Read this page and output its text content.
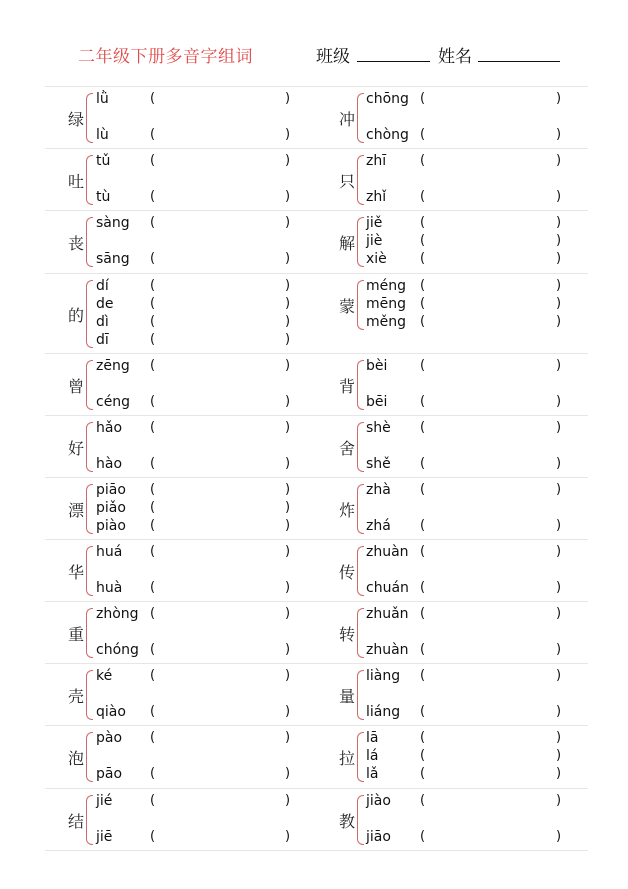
二年级下册多音字组词	班级	姓名
绿
lǜ	(	)
lù	(	)
冲
chōng (	)
chòng (	)
吐
tǔ	(	)
tù	(	)
只
zhī	(	)
zhǐ	(	)
丧
sàng (	)
sāng (	)
解
jiě	(	)
jiè	(	)
xiè	(	)
的
dí	(	)
de	(	)
dì	(	)
dī	(	)
蒙
méng (	)
mēng (	)
měng (	)
曾
zēng (	)
céng (	)
背
bèi	(	)
bēi	(	)
好
hǎo (	)
hào (	)
舍
shè (	)
shě (	)
漂
piāo (	)
piǎo (	)
piào (	)
炸
zhà (	)
zhá (	)
华
huá (	)
huà (	)
传
zhuàn (	)
chuán (	)
重
zhòng (	)
chóng (	)
转
zhuǎn (	)
zhuàn (	)
壳
ké	(	)
qiào (	)
量
liàng (	)
liáng (	)
泡
pào (	)
pāo (	)
拉
lā	(	)
lá	(	)
lǎ	(	)
结
jié	(	)
jiē	(	)
教
jiào (	)
jiāo (	)
